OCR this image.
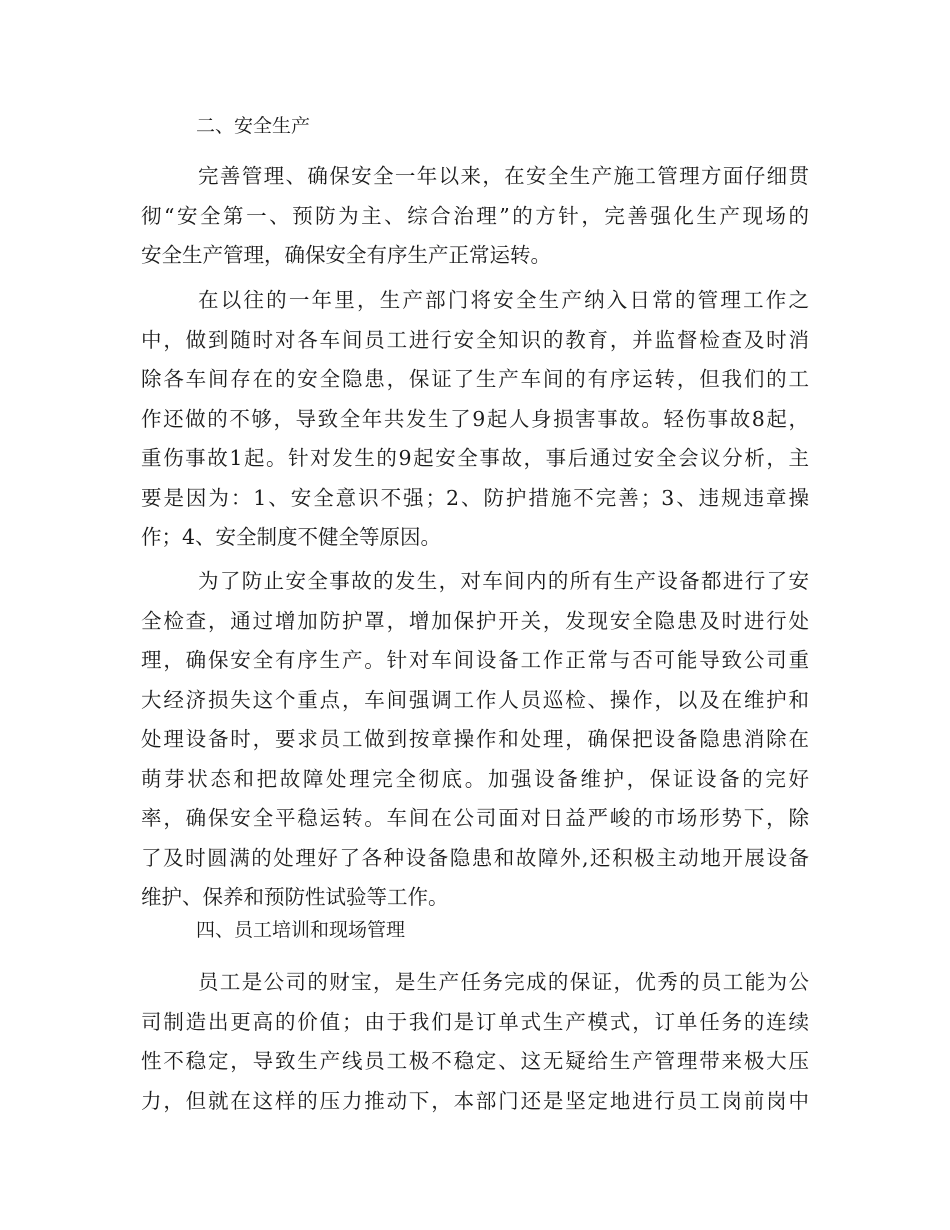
二、安全生产
完善管理、确保安全一年以来，在安全生产施工管理方面仔细贯
彻“安全第一、预防为主、综合治理”的方针，完善强化生产现场的
安全生产管理，确保安全有序生产正常运转。
在以往的一年里，生产部门将安全生产纳入日常的管理工作之
中，做到随时对各车间员工进行安全知识的教育，并监督检查及时消
除各车间存在的安全隐患，保证了生产车间的有序运转，但我们的工
作还做的不够，导致全年共发生了9起人身损害事故。轻伤事故8起，
重伤事故1起。针对发生的9起安全事故，事后通过安全会议分析，主
要是因为：1、安全意识不强；2、防护措施不完善；3、违规违章操
作；4、安全制度不健全等原因。
为了防止安全事故的发生，对车间内的所有生产设备都进行了安
全检查，通过增加防护罩，增加保护开关，发现安全隐患及时进行处
理，确保安全有序生产。针对车间设备工作正常与否可能导致公司重
大经济损失这个重点，车间强调工作人员巡检、操作，以及在维护和
处理设备时，要求员工做到按章操作和处理，确保把设备隐患消除在
萌芽状态和把故障处理完全彻底。加强设备维护，保证设备的完好
率，确保安全平稳运转。车间在公司面对日益严峻的市场形势下，除
了及时圆满的处理好了各种设备隐患和故障外,还积极主动地开展设备
维护、保养和预防性试验等工作。
四、员工培训和现场管理
员工是公司的财宝，是生产任务完成的保证，优秀的员工能为公
司制造出更高的价值；由于我们是订单式生产模式，订单任务的连续
性不稳定，导致生产线员工极不稳定、这无疑给生产管理带来极大压
力，但就在这样的压力推动下，本部门还是坚定地进行员工岗前岗中
